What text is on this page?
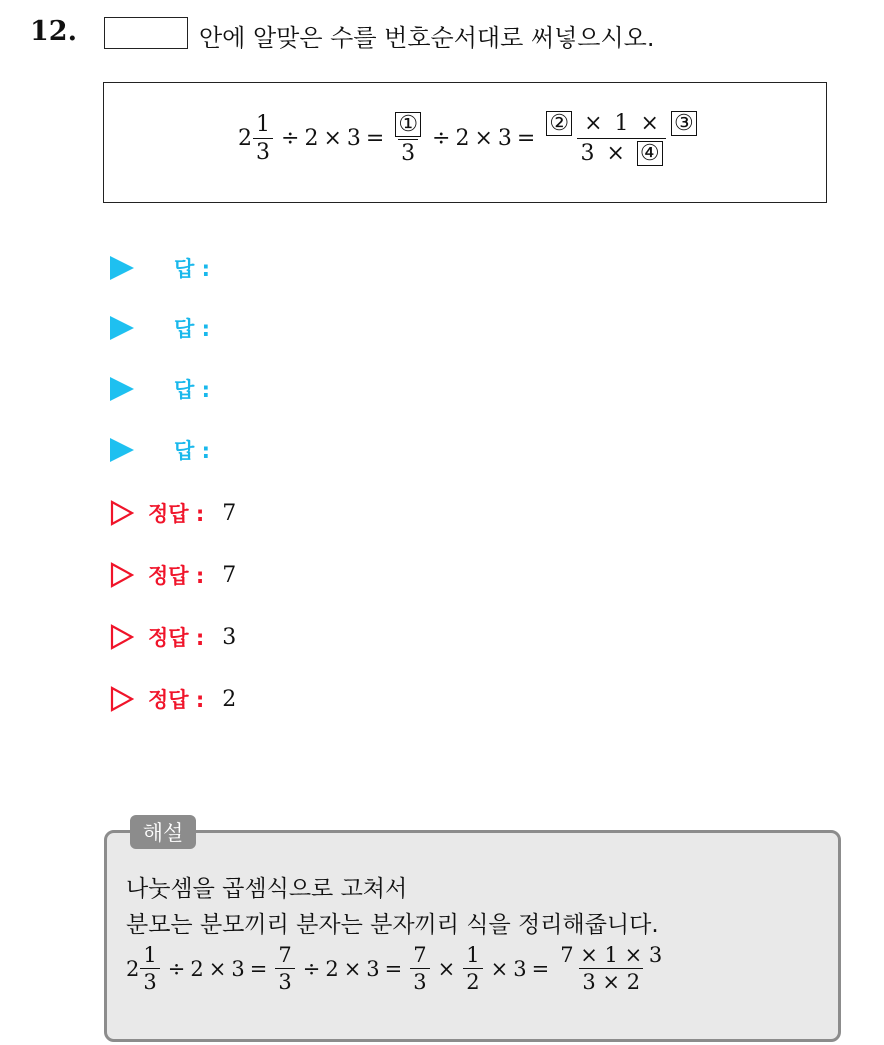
12.	안에 알맞은 수를 번호순서대로 써넣으시오.
$2 \frac{1}{3} \div 2 \times 3 = \frac{\text{①}}{3} \div 2 \times 3 = \frac{\text{② × 1 × ③}}{\text{3 × ④}}$
답 :
답 :
답 :
답 :
정답 : 7
정답 : 7
정답 : 3
정답 : 2
해설
나눗셈을 곱셈식으로 고쳐서
분모는 분모끼리 분자는 분자끼리 식을 정리해줍니다.
$2 \frac{1}{3} \div 2 \times 3 = \frac{7}{3} \div 2 \times 3 = \frac{7}{3} \times \frac{1}{2} \times 3 = \frac{7 \times 1 \times 3}{3 \times 2}$
